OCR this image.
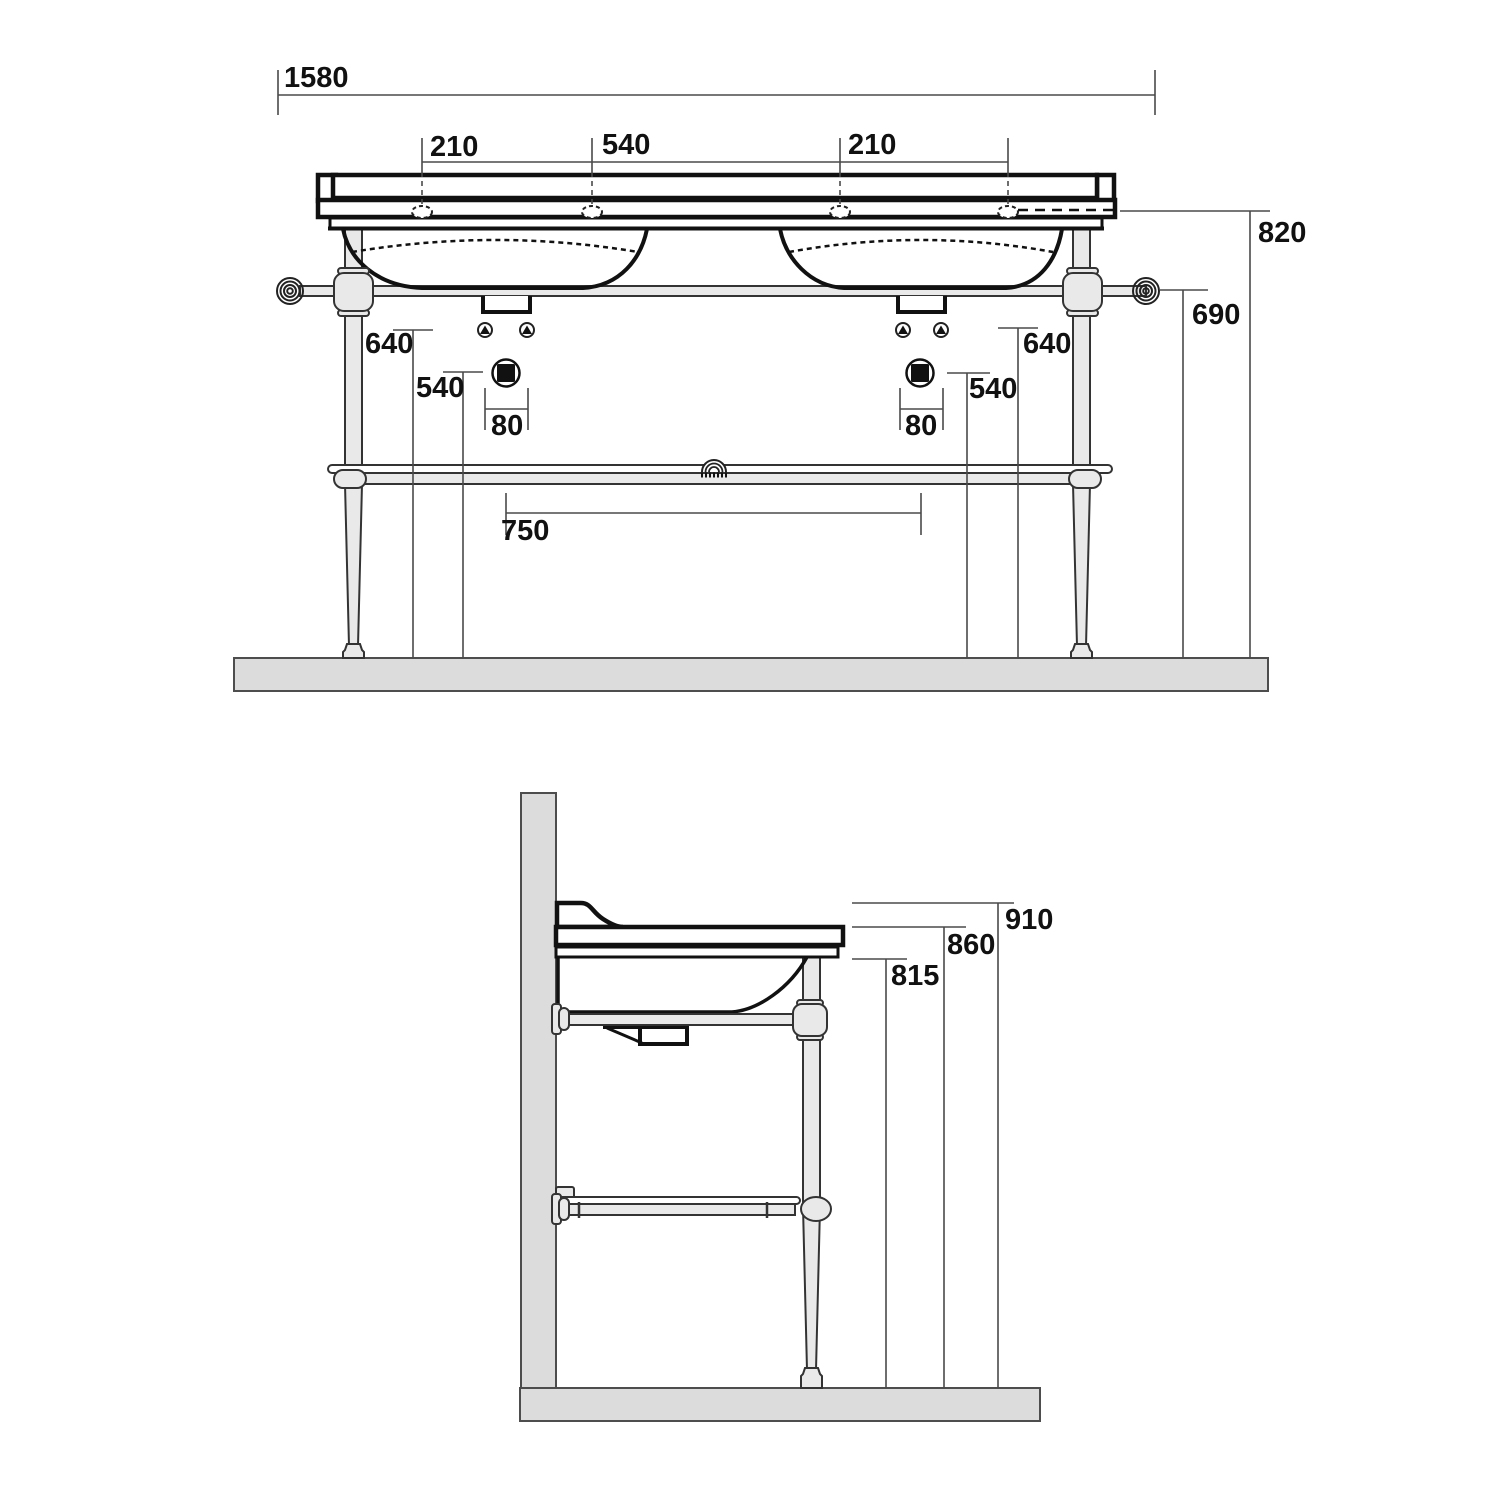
1580
210	540	210
820
690
640
540
80
750
640
540
80
910
860
815
